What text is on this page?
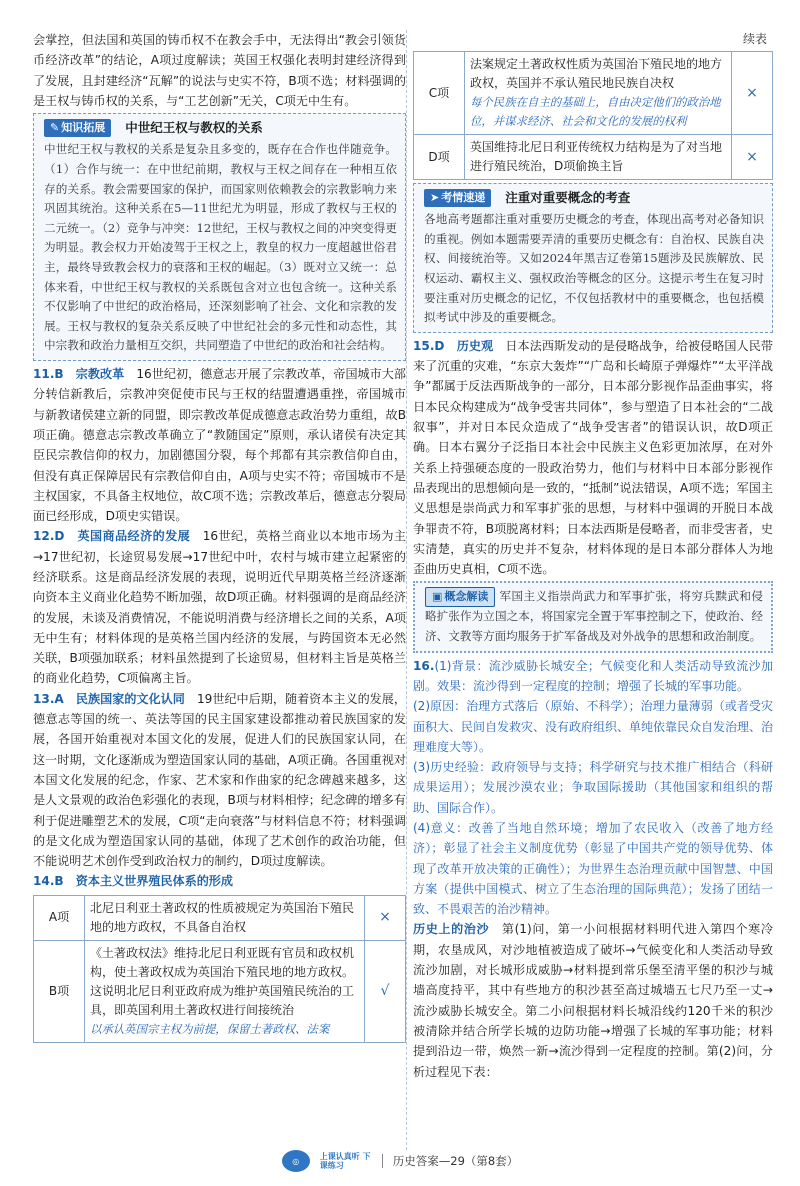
续表

会掌控，但法国和英国的铸币权不在教会手中，无法得出“教会引领货币经济改革”的结论，A项过度解读；英国王权强化表明封建经济得到了发展，且封建经济“瓦解”的说法与史实不符，B项不选；材料强调的是王权与铸币权的关系，与“工艺创新”无关，C项无中生有。

✎ 知识拓展 中世纪王权与教权的关系

中世纪王权与教权的关系是复杂且多变的，既存在合作也伴随竞争。（1）合作与统一：在中世纪前期，教权与王权之间存在一种相互依存的关系。教会需要国家的保护，而国家则依赖教会的宗教影响力来巩固其统治。这种关系在5—11世纪尤为明显，形成了教权与王权的二元统一。（2）竞争与冲突：12世纪，王权与教权之间的冲突变得更为明显。教会权力开始凌驾于王权之上，教皇的权力一度超越世俗君主，最终导致教会权力的衰落和王权的崛起。（3）既对立又统一：总体来看，中世纪王权与教权的关系既包含对立也包含统一。这种关系不仅影响了中世纪的政治格局，还深刻影响了社会、文化和宗教的发展。王权与教权的复杂关系反映了中世纪社会的多元性和动态性，其中宗教和政治力量相互交织，共同塑造了中世纪的政治和社会结构。

11.B　 宗教改革　 16世纪初，德意志开展了宗教改革，帝国城市大部分转信新教后，宗教冲突促使市民与王权的结盟遭遇重挫，帝国城市与新教诸侯建立新的同盟，即宗教改革促成德意志政治势力重组，故B项正确。德意志宗教改革确立了“教随国定”原则，承认诸侯有决定其臣民宗教信仰的权力，加剧德国分裂，每个邦都有其宗教信仰自由，但没有真正保障居民有宗教信仰自由，A项与史实不符；帝国城市不是主权国家，不具备主权地位，故C项不选；宗教改革后，德意志分裂局面已经形成，D项史实错误。

12.D　 英国商品经济的发展　 16世纪，英格兰商业以本地市场为主→17世纪初，长途贸易发展→17世纪中叶，农村与城市建立起紧密的经济联系。这是商品经济发展的表现，说明近代早期英格兰经济逐渐向资本主义商业化趋势不断加强，故D项正确。材料强调的是商品经济的发展，未谈及消费情况，不能说明消费与经济增长之间的关系，A项无中生有；材料体现的是英格兰国内经济的发展，与跨国资本无必然关联，B项强加联系；材料虽然提到了长途贸易，但材料主旨是英格兰的商业化趋势，C项偏离主旨。

13.A　 民族国家的文化认同　 19世纪中后期，随着资本主义的发展，德意志等国的统一、英法等国的民主国家建设都推动着民族国家的发展，各国开始重视对本国文化的发展，促进人们的民族国家认同，在这一时期，文化逐渐成为塑造国家认同的基础，A项正确。各国重视对本国文化发展的纪念，作家、艺术家和作曲家的纪念碑越来越多，这是人文景观的政治色彩强化的表现，B项与材料相悖；纪念碑的增多有利于促进雕塑艺术的发展，C项“走向衰落”与材料信息不符；材料强调的是文化成为塑造国家认同的基础，体现了艺术创作的政治功能，但不能说明艺术创作受到政治权力的制约，D项过度解读。

14.B　 资本主义世界殖民体系的形成

A项	北尼日利亚土著政权的性质被规定为英国治下殖民地的地方政权，不具备自治权	×
B项	《土著政权法》维持北尼日利亚既有官员和政权机构，使土著政权成为英国治下殖民地的地方政权。这说明北尼日利亚政府成为维护英国殖民统治的工具，即英国利用土著政权进行间接统治
以承认英国宗主权为前提，保留土著政权、法案	√
C项	法案规定土著政权性质为英国治下殖民地的地方政权，英国并不承认殖民地民族自决权
每个民族在自主的基础上，自由决定他们的政治地位，并谋求经济、社会和文化的发展的权利	×
D项	英国维持北尼日利亚传统权力结构是为了对当地进行殖民统治，D项偷换主旨	×
➤ 考情速递 注重对重要概念的考查

各地高考题都注重对重要历史概念的考查，体现出高考对必备知识的重视。例如本题需要弄清的重要历史概念有：自治权、民族自决权、间接统治等。又如2024年黑吉辽卷第15题涉及民族解放、民权运动、霸权主义、强权政治等概念的区分。这提示考生在复习时要注重对历史概念的记忆，不仅包括教材中的重要概念，也包括模拟考试中涉及的重要概念。

15.D　 历史观　 日本法西斯发动的是侵略战争，给被侵略国人民带来了沉重的灾难，“东京大轰炸”“广岛和长崎原子弹爆炸”“太平洋战争”都属于反法西斯战争的一部分，日本部分影视作品歪曲事实，将日本民众构建成为“战争受害共同体”，参与塑造了日本社会的“二战叙事”，并对日本民众造成了“战争受害者”的错误认识，故D项正确。日本右翼分子泛指日本社会中民族主义色彩更加浓厚，在对外关系上持强硬态度的一股政治势力，他们与材料中日本部分影视作品表现出的思想倾向是一致的，“抵制”说法错误，A项不选；军国主义思想是崇尚武力和军事扩张的思想，与材料中强调的开脱日本战争罪责不符，B项脱离材料；日本法西斯是侵略者，而非受害者，史实清楚，真实的历史并不复杂，材料体现的是日本部分群体人为地歪曲历史真相，C项不选。

▣ 概念解读 军国主义指崇尚武力和军事扩张，将穷兵黩武和侵略扩张作为立国之本，将国家完全置于军事控制之下，使政治、经济、文教等方面均服务于扩军备战及对外战争的思想和政治制度。

16.(1)背景：流沙威胁长城安全；气候变化和人类活动导致流沙加剧。效果：流沙得到一定程度的控制；增强了长城的军事功能。

(2)原因：治理方式落后（原始、不科学）；治理力量薄弱（或者受灾面积大、民间自发救灾、没有政府组织、单纯依靠民众自发治理、治理难度大等）。

(3)历史经验：政府领导与支持；科学研究与技术推广相结合（科研成果运用）；发展沙漠农业；争取国际援助（其他国家和组织的帮助、国际合作）。

(4)意义：改善了当地自然环境；增加了农民收入（改善了地方经济）；彰显了社会主义制度优势（彰显了中国共产党的领导优势、体现了改革开放决策的正确性）；为世界生态治理贡献中国智慧、中国方案（提供中国模式、树立了生态治理的国际典范）；发扬了团结一致、不畏艰苦的治沙精神。

历史上的治沙　 第(1)问，第一小问根据材料明代进入第四个寒冷期，农垦成风，对沙地植被造成了破坏→气候变化和人类活动导致流沙加剧，对长城形成威胁→材料提到常乐堡至清平堡的积沙与城墙高度持平，其中有些地方的积沙甚至高过城墙五七尺乃至一丈→流沙威胁长城安全。第二小问根据材料长城沿线约120千米的积沙被清除并结合所学长城的边防功能→增强了长城的军事功能；材料提到沿边一带，焕然一新→流沙得到一定程度的控制。第(2)问，分析过程见下表：

◎	上课认真听 下课练习	历史答案—29（第8套）
